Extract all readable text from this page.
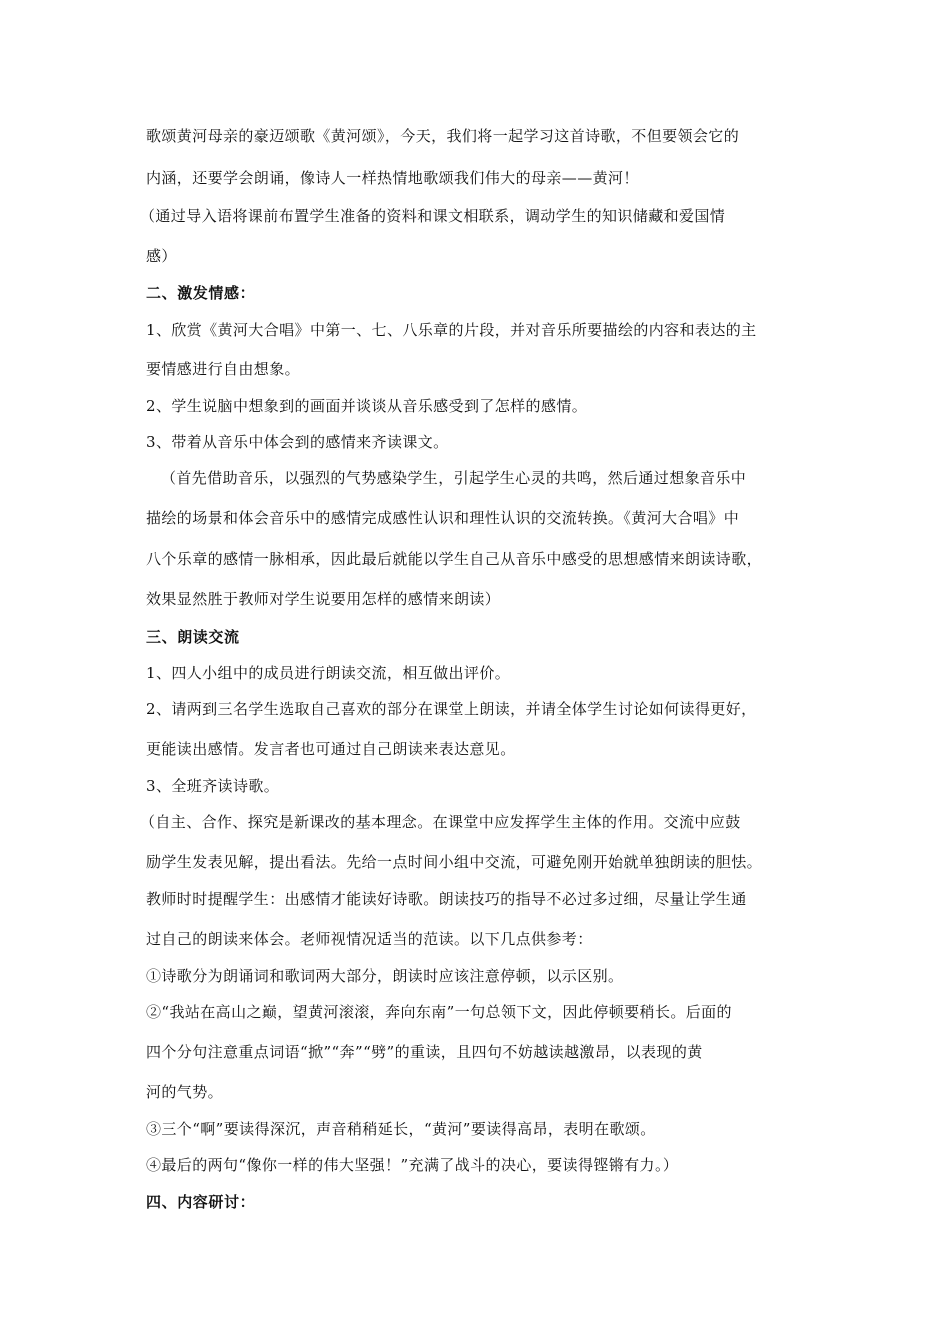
歌颂黄河母亲的豪迈颂歌《黄河颂》，今天，我们将一起学习这首诗歌，不但要领会它的
内涵，还要学会朗诵，像诗人一样热情地歌颂我们伟大的母亲——黄河！
（通过导入语将课前布置学生准备的资料和课文相联系，调动学生的知识储藏和爱国情
感）
二、激发情感：
1、欣赏《黄河大合唱》中第一、七、八乐章的片段，并对音乐所要描绘的内容和表达的主
要情感进行自由想象。
2、学生说脑中想象到的画面并谈谈从音乐感受到了怎样的感情。
3、带着从音乐中体会到的感情来齐读课文。
（首先借助音乐，以强烈的气势感染学生，引起学生心灵的共鸣，然后通过想象音乐中
描绘的场景和体会音乐中的感情完成感性认识和理性认识的交流转换。《黄河大合唱》中
八个乐章的感情一脉相承，因此最后就能以学生自己从音乐中感受的思想感情来朗读诗歌，
效果显然胜于教师对学生说要用怎样的感情来朗读）
三、朗读交流
1、四人小组中的成员进行朗读交流，相互做出评价。
2、请两到三名学生选取自己喜欢的部分在课堂上朗读，并请全体学生讨论如何读得更好，
更能读出感情。发言者也可通过自己朗读来表达意见。
3、全班齐读诗歌。
（自主、合作、探究是新课改的基本理念。在课堂中应发挥学生主体的作用。交流中应鼓
励学生发表见解，提出看法。先给一点时间小组中交流，可避免刚开始就单独朗读的胆怯。
教师时时提醒学生：出感情才能读好诗歌。朗读技巧的指导不必过多过细，尽量让学生通
过自己的朗读来体会。老师视情况适当的范读。以下几点供参考：
①诗歌分为朗诵词和歌词两大部分，朗读时应该注意停顿，以示区别。
②“我站在高山之巅，望黄河滚滚，奔向东南”一句总领下文，因此停顿要稍长。后面的
四个分句注意重点词语“掀”“奔”“劈”的重读，且四句不妨越读越激昂，以表现的黄
河的气势。
③三个“啊”要读得深沉，声音稍稍延长，“黄河”要读得高昂，表明在歌颂。
④最后的两句“像你一样的伟大坚强！”充满了战斗的决心，要读得铿锵有力。）
四、内容研讨：
